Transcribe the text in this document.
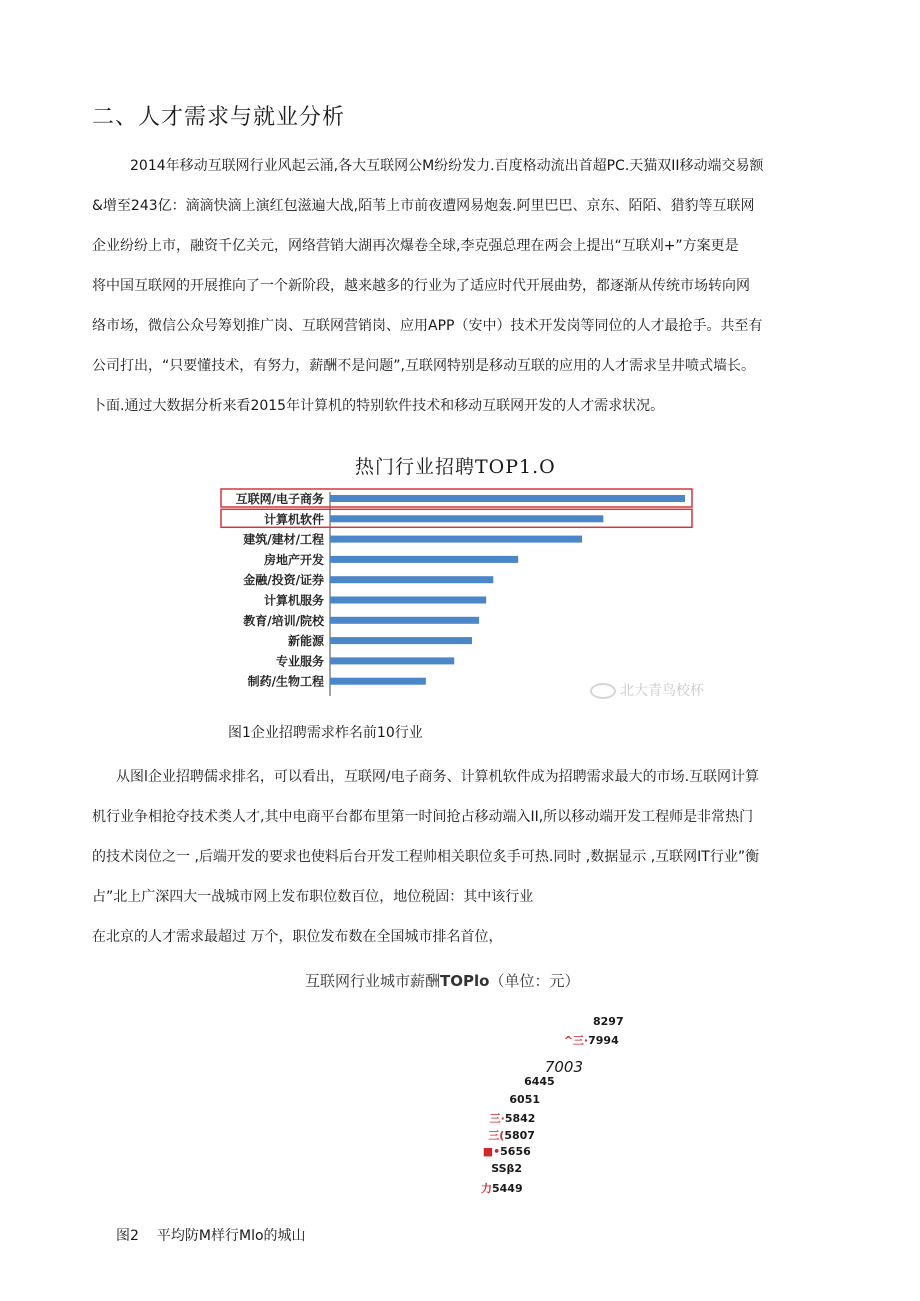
二、人才需求与就业分析
2014年移动互联网行业风起云涌,各大互联网公M纷纷发力.百度格动流出首超PC.天猫双II移动端交易额
&增至243亿：滴滴快滴上演红包滋遍大战,陌苇上市前夜遭网易炮轰.阿里巴巴、京东、陌陌、猎豹等互联网
企业纷纷上市，融资千亿关元，网络营销大湖再次爆卷全球,李克强总理在两会上提出“互联刈+”方案更是
将中国互联网的开展推向了一个新阶段，越来越多的行业为了适应时代开展曲势，都逐渐从传统市场转向网
络市场，微信公众号筹划推广岗、互联网营销岗、应用APP（安中）技术开发岗等同位的人才最抢手。共至有
公司打出，“只要懂技术，有努力，薪酬不是问题”,互联网特别是移动互联的应用的人才需求呈井喷式墙长。
卜面.通过大数据分析来看2015年计算机的特别软件技术和移动互联网开发的人才需求状况。
热门行业招聘TOP1.O
互联网/电子商务
计算机软件
建筑/建材/工程
房地产开发
金融/投资/证券
计算机服务
教育/培训/院校
新能源
专业服务
制药/生物工程
北大青鸟校杯
图1企业招聘需求柞名前10行业
从图l企业招聘儒求排名，可以看出，互联网/电子商务、计算机软件成为招聘需求最大的市场.互联网计算
机行业争相抢夺技术类人才,其中电商平台都布里第一时间抢占移动端入II,所以移动端开发工程师是非常热门
的技术岗位之一 ,后端开发的要求也使料后台开发工程帅相关职位炙手可热.同时 ,数据显示 ,互联网IT行业”衡
占”北上广深四大一战城市网上发布职位数百位，地位税固：其中该行业
在北京的人才需求最超过 万个，职位发布数在全国城市排名首位，
互联网行业城市薪酬TOPlo（单位：元）
8297
^三·7994
7003
6445
6051
三·5842
三(5807
■•5656
SSβ2
力5449
图2 平均防M样行Mlo的城山
